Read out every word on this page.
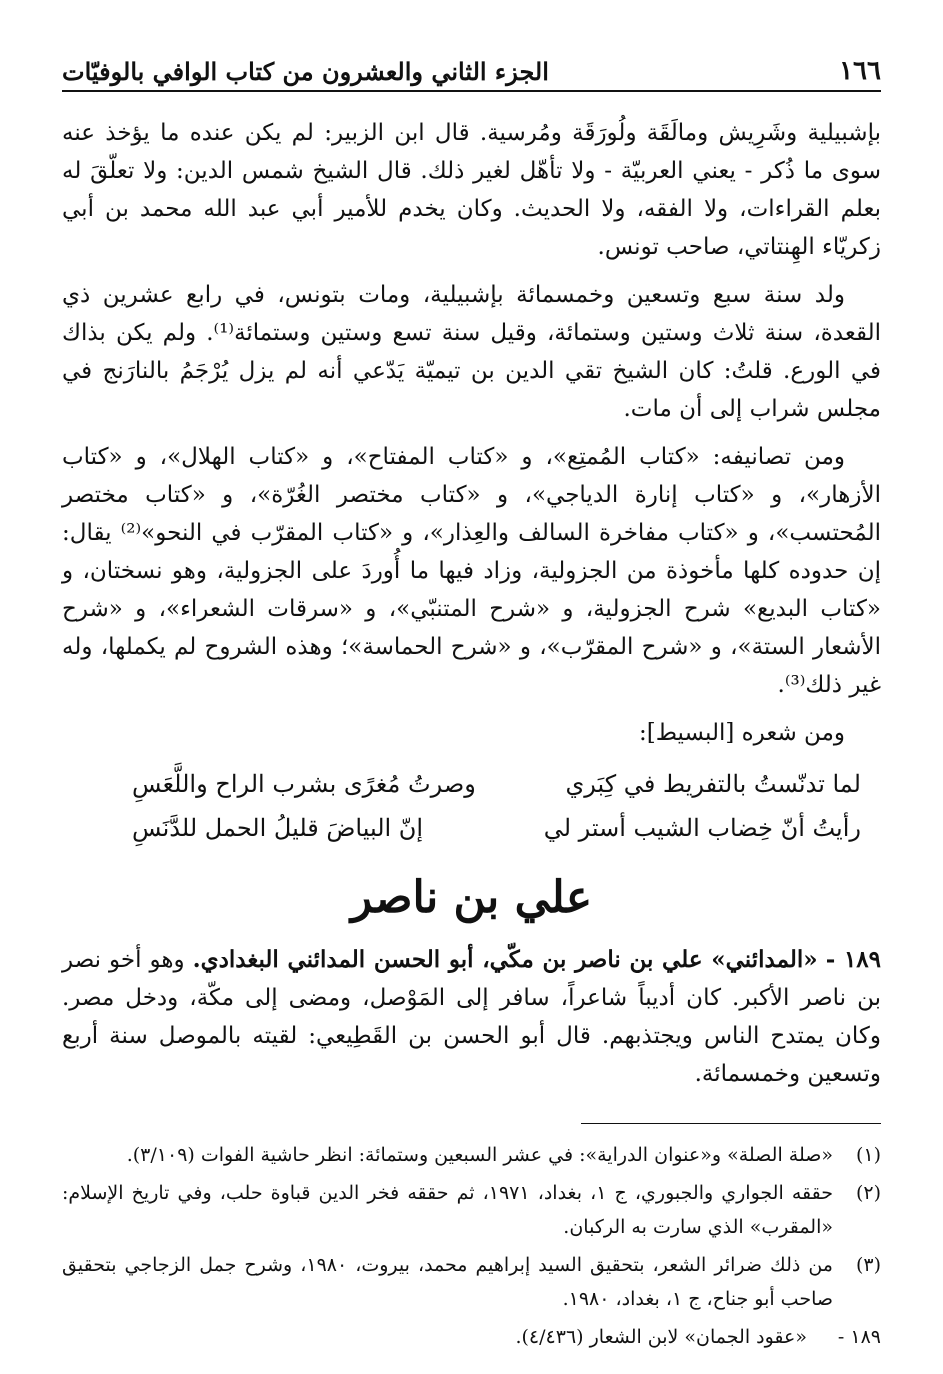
١٦٦
الجزء الثاني والعشرون من كتاب الوافي بالوفيّات

بإشبيلية وشَرِيش ومالَقَة ولُورَقَة ومُرسية. قال ابن الزبير: لم يكن عنده ما يؤخذ عنه سوى ما ذُكر - يعني العربيّة - ولا تأهّل لغير ذلك. قال الشيخ شمس الدين: ولا تعلّقَ له بعلم القراءات، ولا الفقه، ولا الحديث. وكان يخدم للأمير أبي عبد الله محمد بن أبي زكريّاء الهِنتاتي، صاحب تونس.

ولد سنة سبع وتسعين وخمسمائة بإشبيلية، ومات بتونس، في رابع عشرين ذي القعدة، سنة ثلاث وستين وستمائة، وقيل سنة تسع وستين وستمائة⁽¹⁾. ولم يكن بذاك في الورع. قلتُ: كان الشيخ تقي الدين بن تيميّة يَدّعي أنه لم يزل يُرْجَمُ بالنارَنج في مجلس شراب إلى أن مات.

ومن تصانيفه: «كتاب المُمتِع»، و «كتاب المفتاح»، و «كتاب الهلال»، و «كتاب الأزهار»، و «كتاب إنارة الدياجي»، و «كتاب مختصر الغُرّة»، و «كتاب مختصر المُحتسب»، و «كتاب مفاخرة السالف والعِذار»، و «كتاب المقرّب في النحو»⁽²⁾ يقال: إن حدوده كلها مأخوذة من الجزولية، وزاد فيها ما أُوردَ على الجزولية، وهو نسختان، و «كتاب البديع» شرح الجزولية، و «شرح المتنبّي»، و «سرقات الشعراء»، و «شرح الأشعار الستة»، و «شرح المقرّب»، و «شرح الحماسة»؛ وهذه الشروح لم يكملها، وله غير ذلك⁽³⁾.

ومن شعره [البسيط]:

لما تدنّستُ بالتفريط في كِبَري
وصرتُ مُغرًى بشرب الراح واللَّعَسِ
رأيتُ أنّ خِضاب الشيب أستر لي
إنّ البياضَ قليلُ الحمل للدَّنَسِ
علي بن ناصر

١٨٩ - «المدائني» علي بن ناصر بن مكّي، أبو الحسن المدائني البغدادي. وهو أخو نصر بن ناصر الأكبر. كان أديباً شاعراً، سافر إلى المَوْصل، ومضى إلى مكّة، ودخل مصر. وكان يمتدح الناس ويجتذبهم. قال أبو الحسن بن القَطِيعي: لقيته بالموصل سنة أربع وتسعين وخمسمائة.

(١)
«صلة الصلة» و«عنوان الدراية»: في عشر السبعين وستمائة: انظر حاشية الفوات (٣/١٠٩).
(٢)
حققه الجواري والجبوري، ج ١، بغداد، ١٩٧١، ثم حققه فخر الدين قباوة حلب، وفي تاريخ الإسلام: «المقرب» الذي سارت به الركبان.
(٣)
من ذلك ضرائر الشعر، بتحقيق السيد إبراهيم محمد، بيروت، ١٩٨٠، وشرح جمل الزجاجي بتحقيق صاحب أبو جناح، ج ١، بغداد، ١٩٨٠.
١٨٩ -
«عقود الجمان» لابن الشعار (٤/٤٣٦).
